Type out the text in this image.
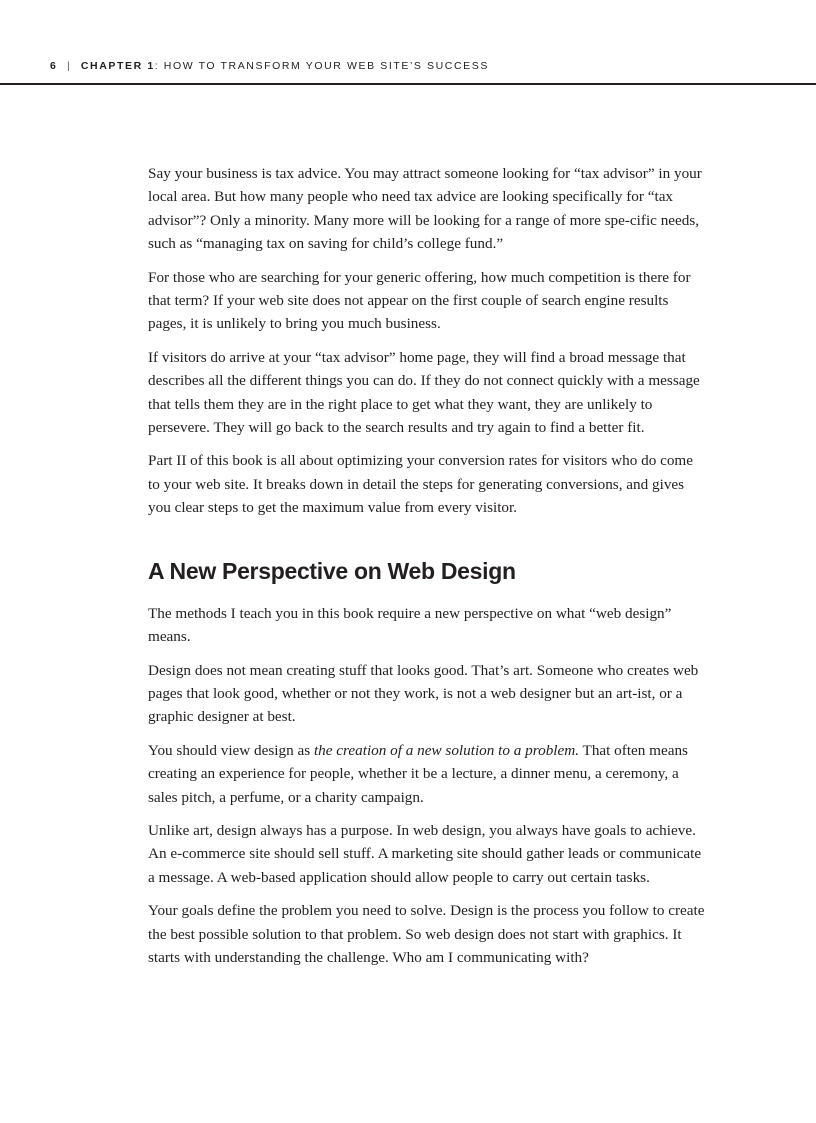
6 | CHAPTER 1: HOW TO TRANSFORM YOUR WEB SITE’S SUCCESS

Say your business is tax advice. You may attract someone looking for “tax advisor” in your local area. But how many people who need tax advice are looking specifically for “tax advisor”? Only a minority. Many more will be looking for a range of more spe-cific needs, such as “managing tax on saving for child’s college fund.”

For those who are searching for your generic offering, how much competition is there for that term? If your web site does not appear on the first couple of search engine results pages, it is unlikely to bring you much business.

If visitors do arrive at your “tax advisor” home page, they will find a broad message that describes all the different things you can do. If they do not connect quickly with a message that tells them they are in the right place to get what they want, they are unlikely to persevere. They will go back to the search results and try again to find a better fit.

Part II of this book is all about optimizing your conversion rates for visitors who do come to your web site. It breaks down in detail the steps for generating conversions, and gives you clear steps to get the maximum value from every visitor.

A New Perspective on Web Design

The methods I teach you in this book require a new perspective on what “web design” means.

Design does not mean creating stuff that looks good. That’s art. Someone who creates web pages that look good, whether or not they work, is not a web designer but an art-ist, or a graphic designer at best.

You should view design as the creation of a new solution to a problem. That often means creating an experience for people, whether it be a lecture, a dinner menu, a ceremony, a sales pitch, a perfume, or a charity campaign.

Unlike art, design always has a purpose. In web design, you always have goals to achieve. An e-commerce site should sell stuff. A marketing site should gather leads or communicate a message. A web-based application should allow people to carry out certain tasks.

Your goals define the problem you need to solve. Design is the process you follow to create the best possible solution to that problem. So web design does not start with graphics. It starts with understanding the challenge. Who am I communicating with?
